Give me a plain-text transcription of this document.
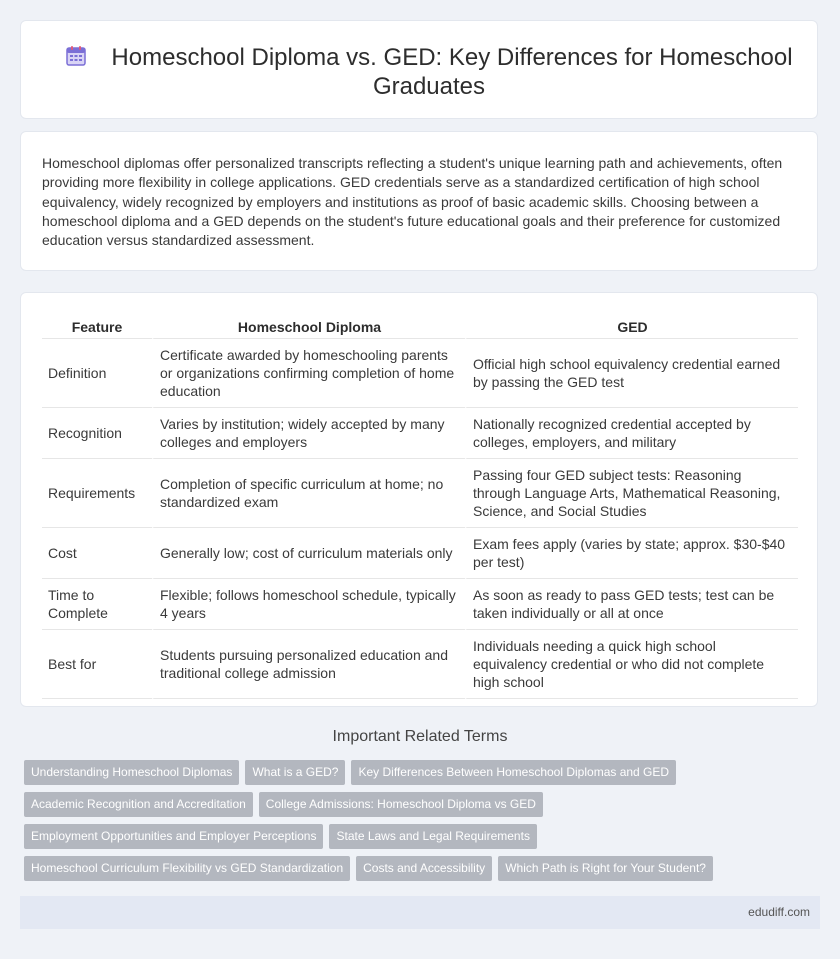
Homeschool Diploma vs. GED: Key Differences for Homeschool Graduates
Homeschool diplomas offer personalized transcripts reflecting a student's unique learning path and achievements, often providing more flexibility in college applications. GED credentials serve as a standardized certification of high school equivalency, widely recognized by employers and institutions as proof of basic academic skills. Choosing between a homeschool diploma and a GED depends on the student's future educational goals and their preference for customized education versus standardized assessment.
Feature	Homeschool Diploma	GED
Definition	Certificate awarded by homeschooling parents or organizations confirming completion of home education	Official high school equivalency credential earned by passing the GED test
Recognition	Varies by institution; widely accepted by many colleges and employers	Nationally recognized credential accepted by colleges, employers, and military
Requirements	Completion of specific curriculum at home; no standardized exam	Passing four GED subject tests: Reasoning through Language Arts, Mathematical Reasoning, Science, and Social Studies
Cost	Generally low; cost of curriculum materials only	Exam fees apply (varies by state; approx. $30-$40 per test)
Time to Complete	Flexible; follows homeschool schedule, typically 4 years	As soon as ready to pass GED tests; test can be taken individually or all at once
Best for	Students pursuing personalized education and traditional college admission	Individuals needing a quick high school equivalency credential or who did not complete high school
Important Related Terms
Understanding Homeschool Diplomas What is a GED? Key Differences Between Homeschool Diplomas and GED
Academic Recognition and Accreditation College Admissions: Homeschool Diploma vs GED
Employment Opportunities and Employer Perceptions State Laws and Legal Requirements
Homeschool Curriculum Flexibility vs GED Standardization Costs and Accessibility Which Path is Right for Your Student?
edudiff.com
